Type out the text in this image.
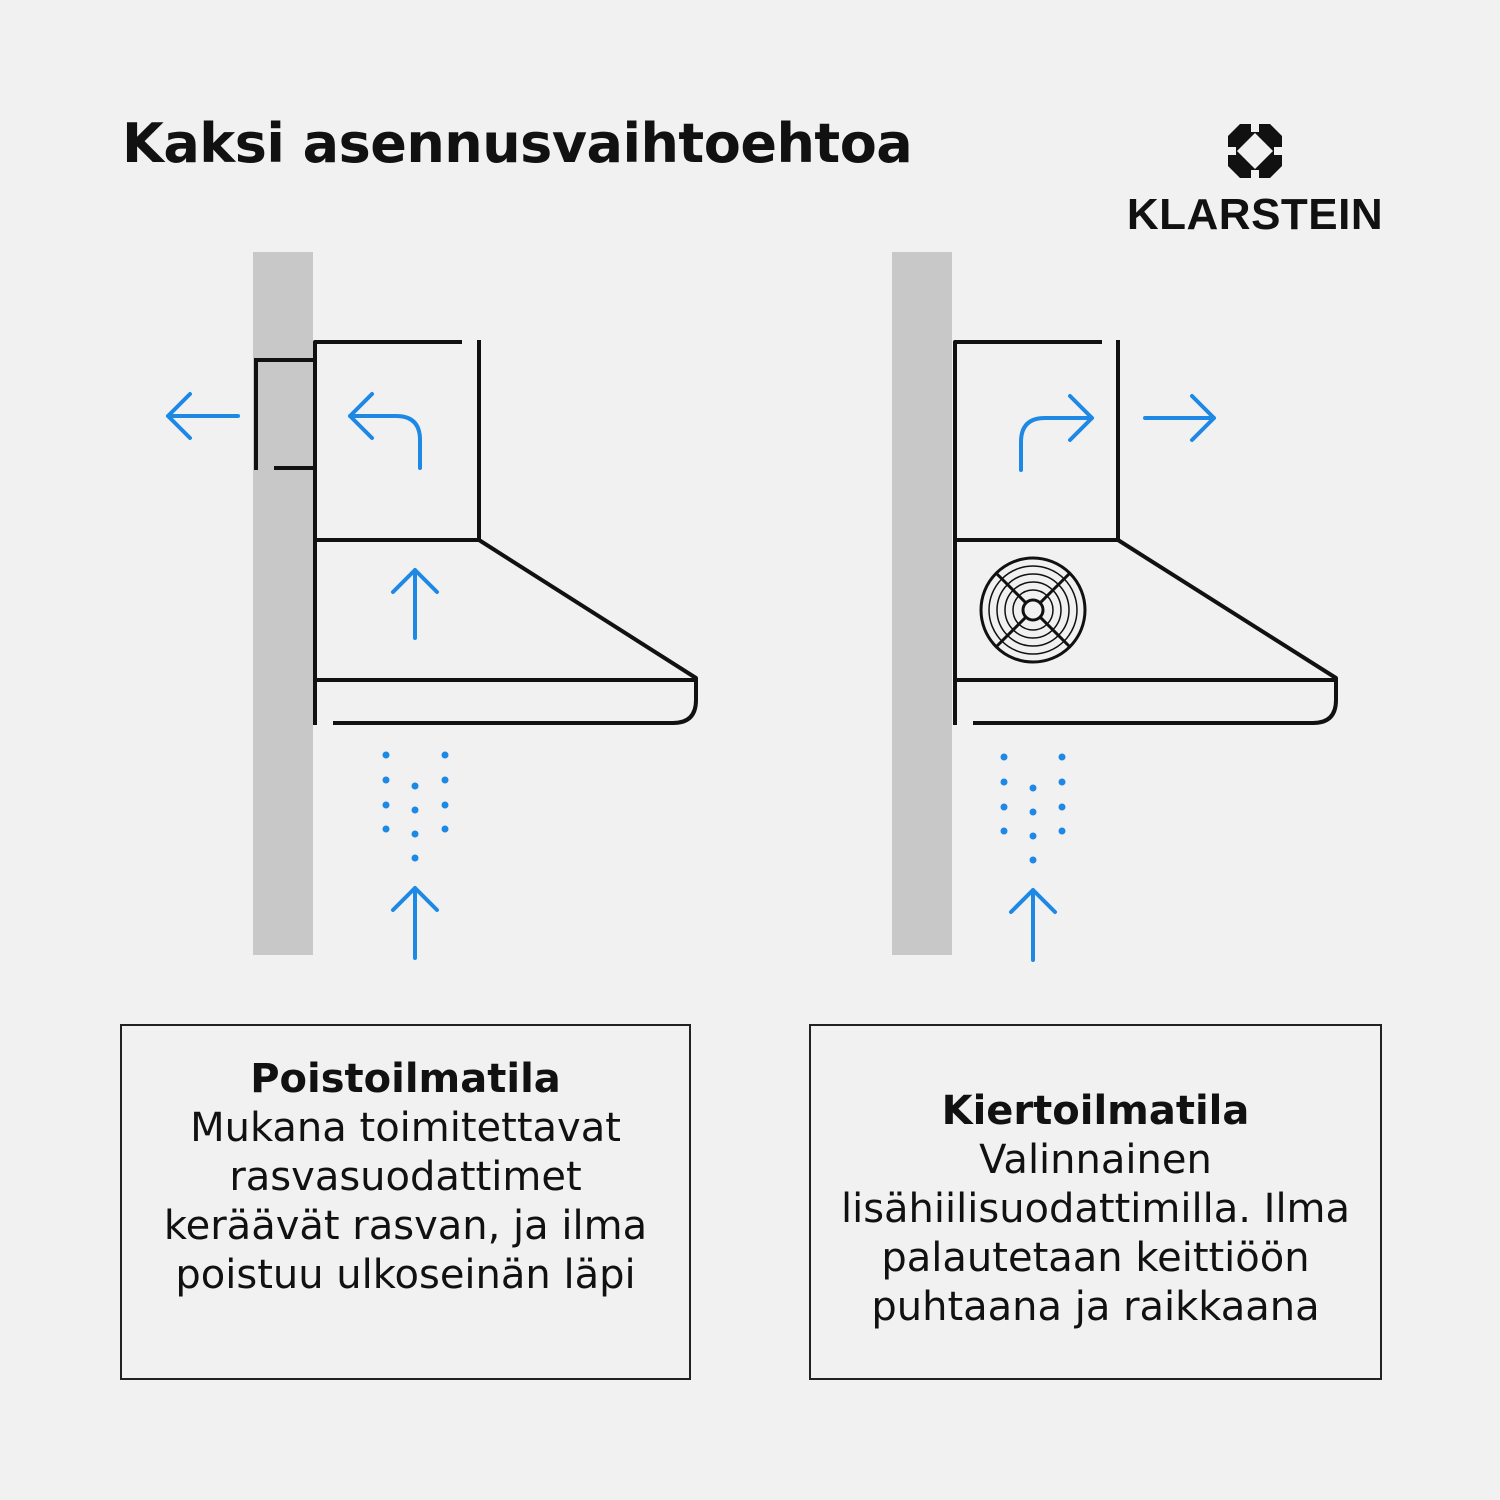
Kaksi asennusvaihtoehtoa
KLARSTEIN
Poistoilmatila
Mukana toimitettavat rasvasuodattimet keräävät rasvan, ja ilma poistuu ulkoseinän läpi
Kiertoilmatila
Valinnainen lisähiilisuodattimilla. Ilma palautetaan keittiöön puhtaana ja raikkaana
